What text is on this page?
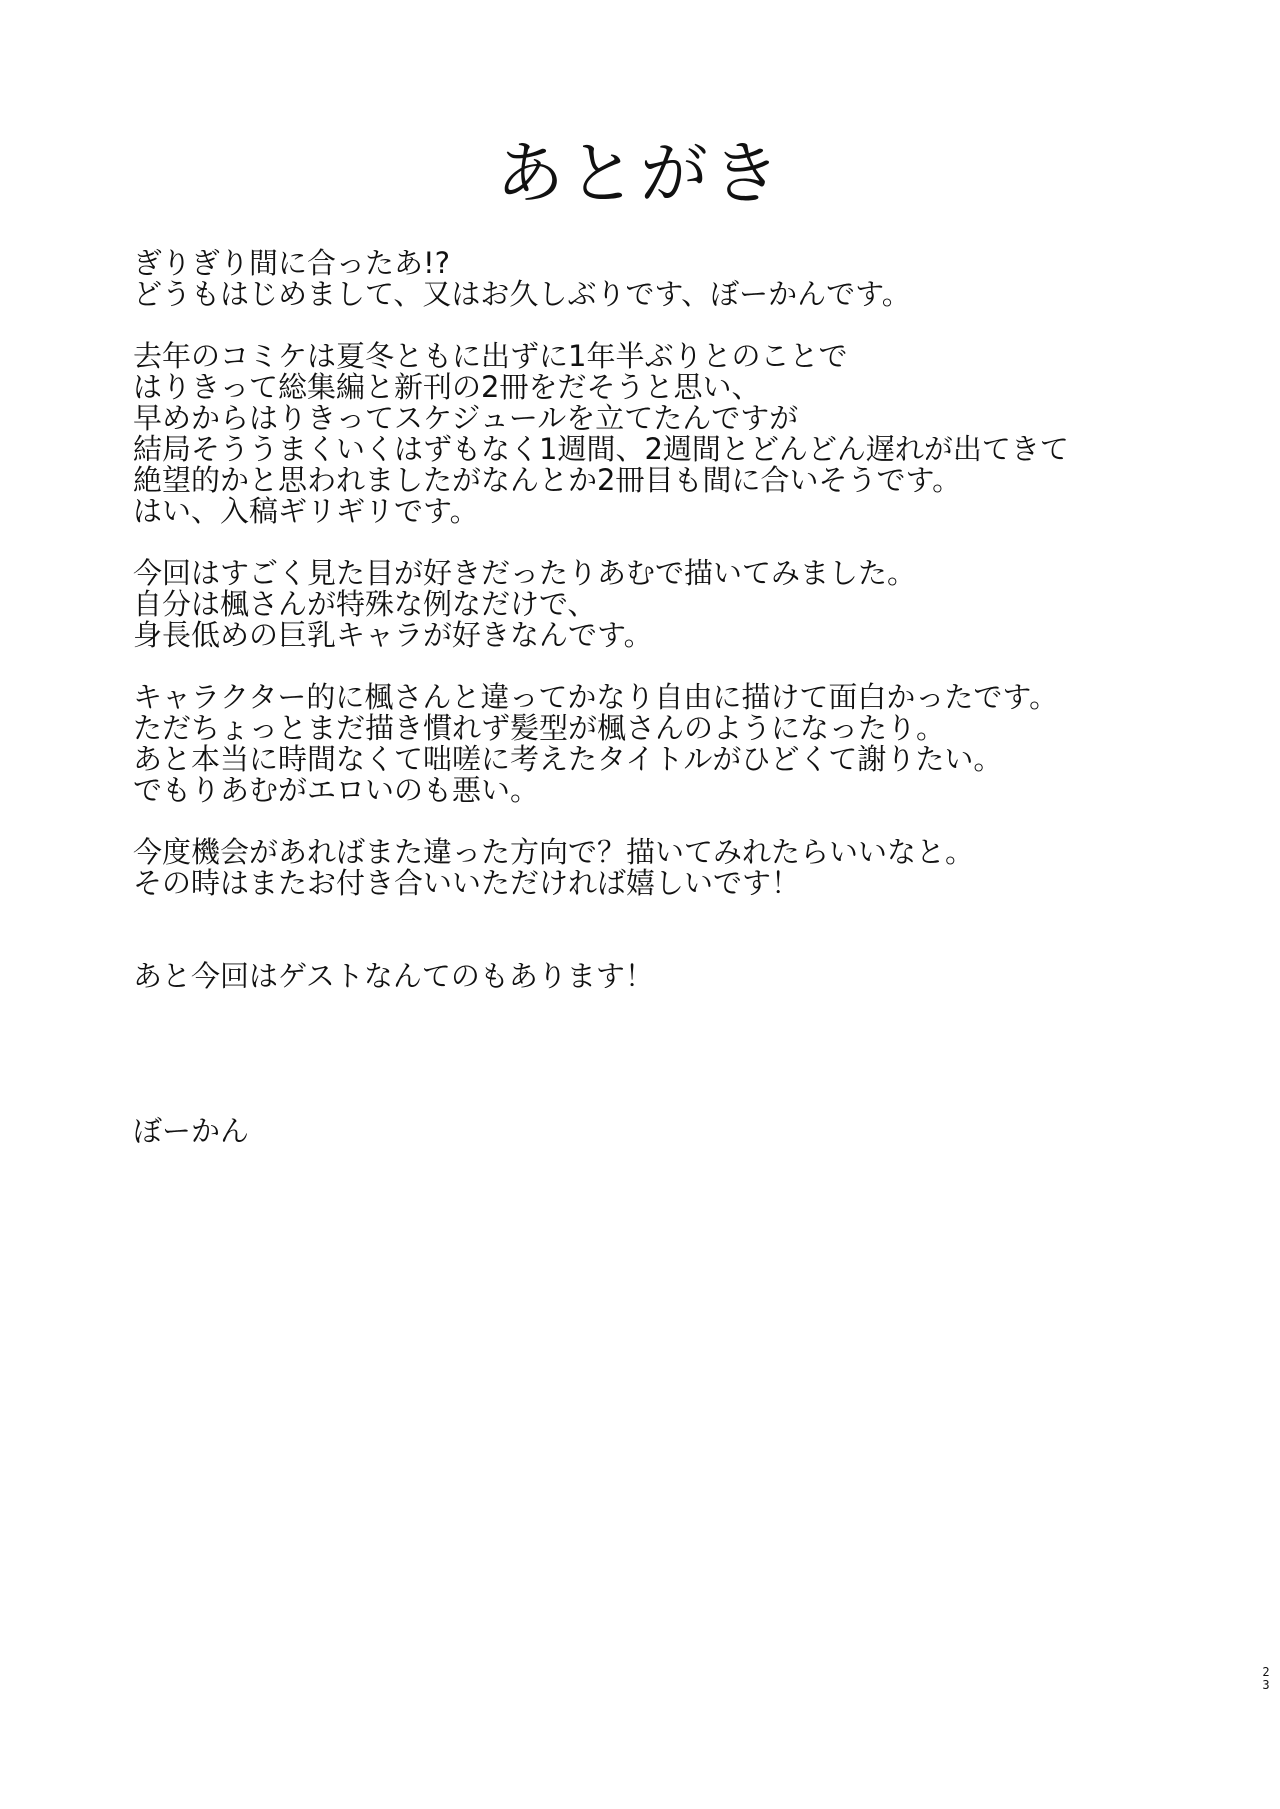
あとがき
ぎりぎり間に合ったあ!?
どうもはじめまして、又はお久しぶりです、ぼーかんです。
去年のコミケは夏冬ともに出ずに1年半ぶりとのことで
はりきって総集編と新刊の2冊をだそうと思い、
早めからはりきってスケジュールを立てたんですが
結局そううまくいくはずもなく1週間、2週間とどんどん遅れが出てきて
絶望的かと思われましたがなんとか2冊目も間に合いそうです。
はい、入稿ギリギリです。
今回はすごく見た目が好きだったりあむで描いてみました。
自分は楓さんが特殊な例なだけで、
身長低めの巨乳キャラが好きなんです。
キャラクター的に楓さんと違ってかなり自由に描けて面白かったです。
ただちょっとまだ描き慣れず髪型が楓さんのようになったり。
あと本当に時間なくて咄嗟に考えたタイトルがひどくて謝りたい。
でもりあむがエロいのも悪い。
今度機会があればまた違った方向で？描いてみれたらいいなと。
その時はまたお付き合いいただければ嬉しいです！
あと今回はゲストなんてのもあります！
ぼーかん
23
